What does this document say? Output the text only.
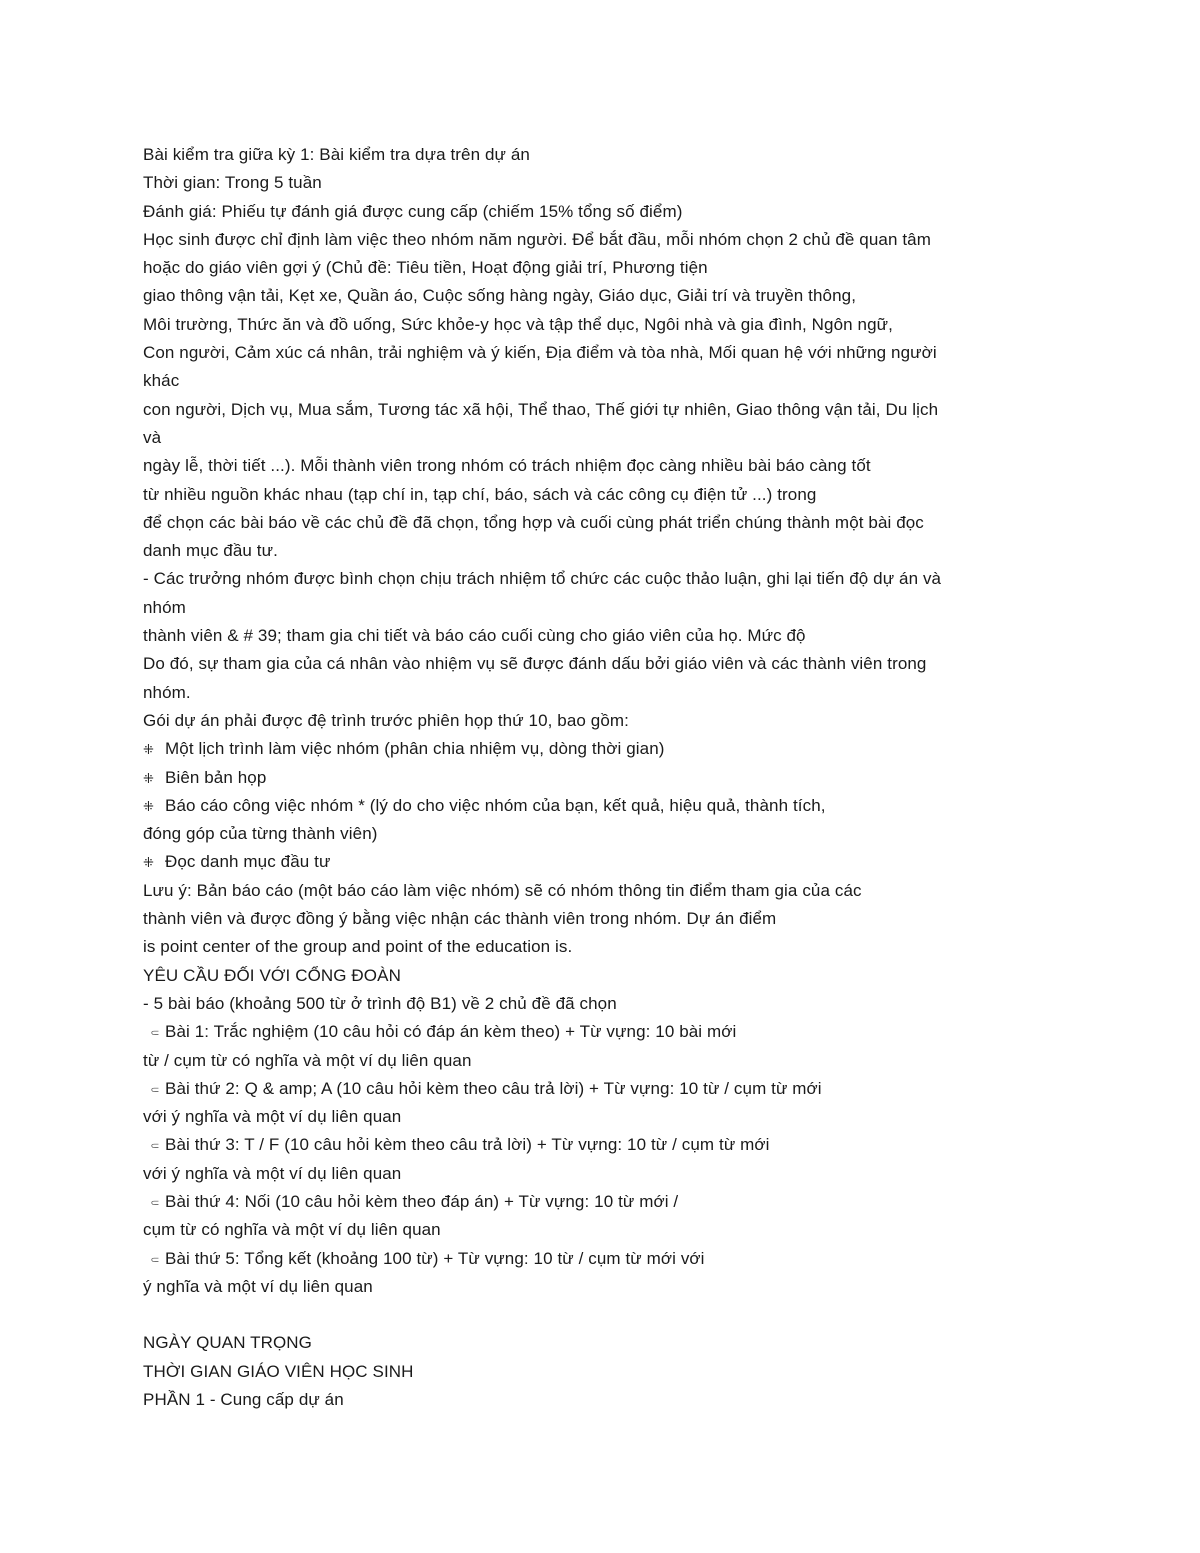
Bài kiểm tra giữa kỳ 1: Bài kiểm tra dựa trên dự án
Thời gian: Trong 5 tuần
Đánh giá: Phiếu tự đánh giá được cung cấp (chiếm 15% tổng số điểm)
Học sinh được chỉ định làm việc theo nhóm năm người. Để bắt đầu, mỗi nhóm chọn 2 chủ đề quan tâm
hoặc do giáo viên gợi ý (Chủ đề: Tiêu tiền, Hoạt động giải trí, Phương tiện
giao thông vận tải, Kẹt xe, Quần áo, Cuộc sống hàng ngày, Giáo dục, Giải trí và truyền thông,
Môi trường, Thức ăn và đồ uống, Sức khỏe-y học và tập thể dục, Ngôi nhà và gia đình, Ngôn ngữ,
Con người, Cảm xúc cá nhân, trải nghiệm và ý kiến, Địa điểm và tòa nhà, Mối quan hệ với những người
khác
con người, Dịch vụ, Mua sắm, Tương tác xã hội, Thể thao, Thế giới tự nhiên, Giao thông vận tải, Du lịch
và
ngày lễ, thời tiết ...). Mỗi thành viên trong nhóm có trách nhiệm đọc càng nhiều bài báo càng tốt
từ nhiều nguồn khác nhau (tạp chí in, tạp chí, báo, sách và các công cụ điện tử ...) trong
để chọn các bài báo về các chủ đề đã chọn, tổng hợp và cuối cùng phát triển chúng thành một bài đọc
danh mục đầu tư.
- Các trưởng nhóm được bình chọn chịu trách nhiệm tổ chức các cuộc thảo luận, ghi lại tiến độ dự án và
nhóm
thành viên & # 39; tham gia chi tiết và báo cáo cuối cùng cho giáo viên của họ. Mức độ
Do đó, sự tham gia của cá nhân vào nhiệm vụ sẽ được đánh dấu bởi giáo viên và các thành viên trong
nhóm.
Gói dự án phải được đệ trình trước phiên họp thứ 10, bao gồm:
⁜ Một lịch trình làm việc nhóm (phân chia nhiệm vụ, dòng thời gian)
⁜ Biên bản họp
⁜ Báo cáo công việc nhóm * (lý do cho việc nhóm của bạn, kết quả, hiệu quả, thành tích,
đóng góp của từng thành viên)
⁜ Đọc danh mục đầu tư
Lưu ý: Bản báo cáo (một báo cáo làm việc nhóm) sẽ có nhóm thông tin điểm tham gia của các
thành viên và được đồng ý bằng việc nhận các thành viên trong nhóm. Dự án điểm
is point center of the group and point of the education is.
YÊU CẦU ĐỐI VỚI CỔNG ĐOÀN
- 5 bài báo (khoảng 500 từ ở trình độ B1) về 2 chủ đề đã chọn
⸦ Bài 1: Trắc nghiệm (10 câu hỏi có đáp án kèm theo) + Từ vựng: 10 bài mới
từ / cụm từ có nghĩa và một ví dụ liên quan
⸦ Bài thứ 2: Q & amp; A (10 câu hỏi kèm theo câu trả lời) + Từ vựng: 10 từ / cụm từ mới
với ý nghĩa và một ví dụ liên quan
⸦ Bài thứ 3: T / F (10 câu hỏi kèm theo câu trả lời) + Từ vựng: 10 từ / cụm từ mới
với ý nghĩa và một ví dụ liên quan
⸦ Bài thứ 4: Nối (10 câu hỏi kèm theo đáp án) + Từ vựng: 10 từ mới /
cụm từ có nghĩa và một ví dụ liên quan
⸦ Bài thứ 5: Tổng kết (khoảng 100 từ) + Từ vựng: 10 từ / cụm từ mới với
ý nghĩa và một ví dụ liên quan
NGÀY QUAN TRỌNG
THỜI GIAN GIÁO VIÊN HỌC SINH
PHẦN 1 - Cung cấp dự án
